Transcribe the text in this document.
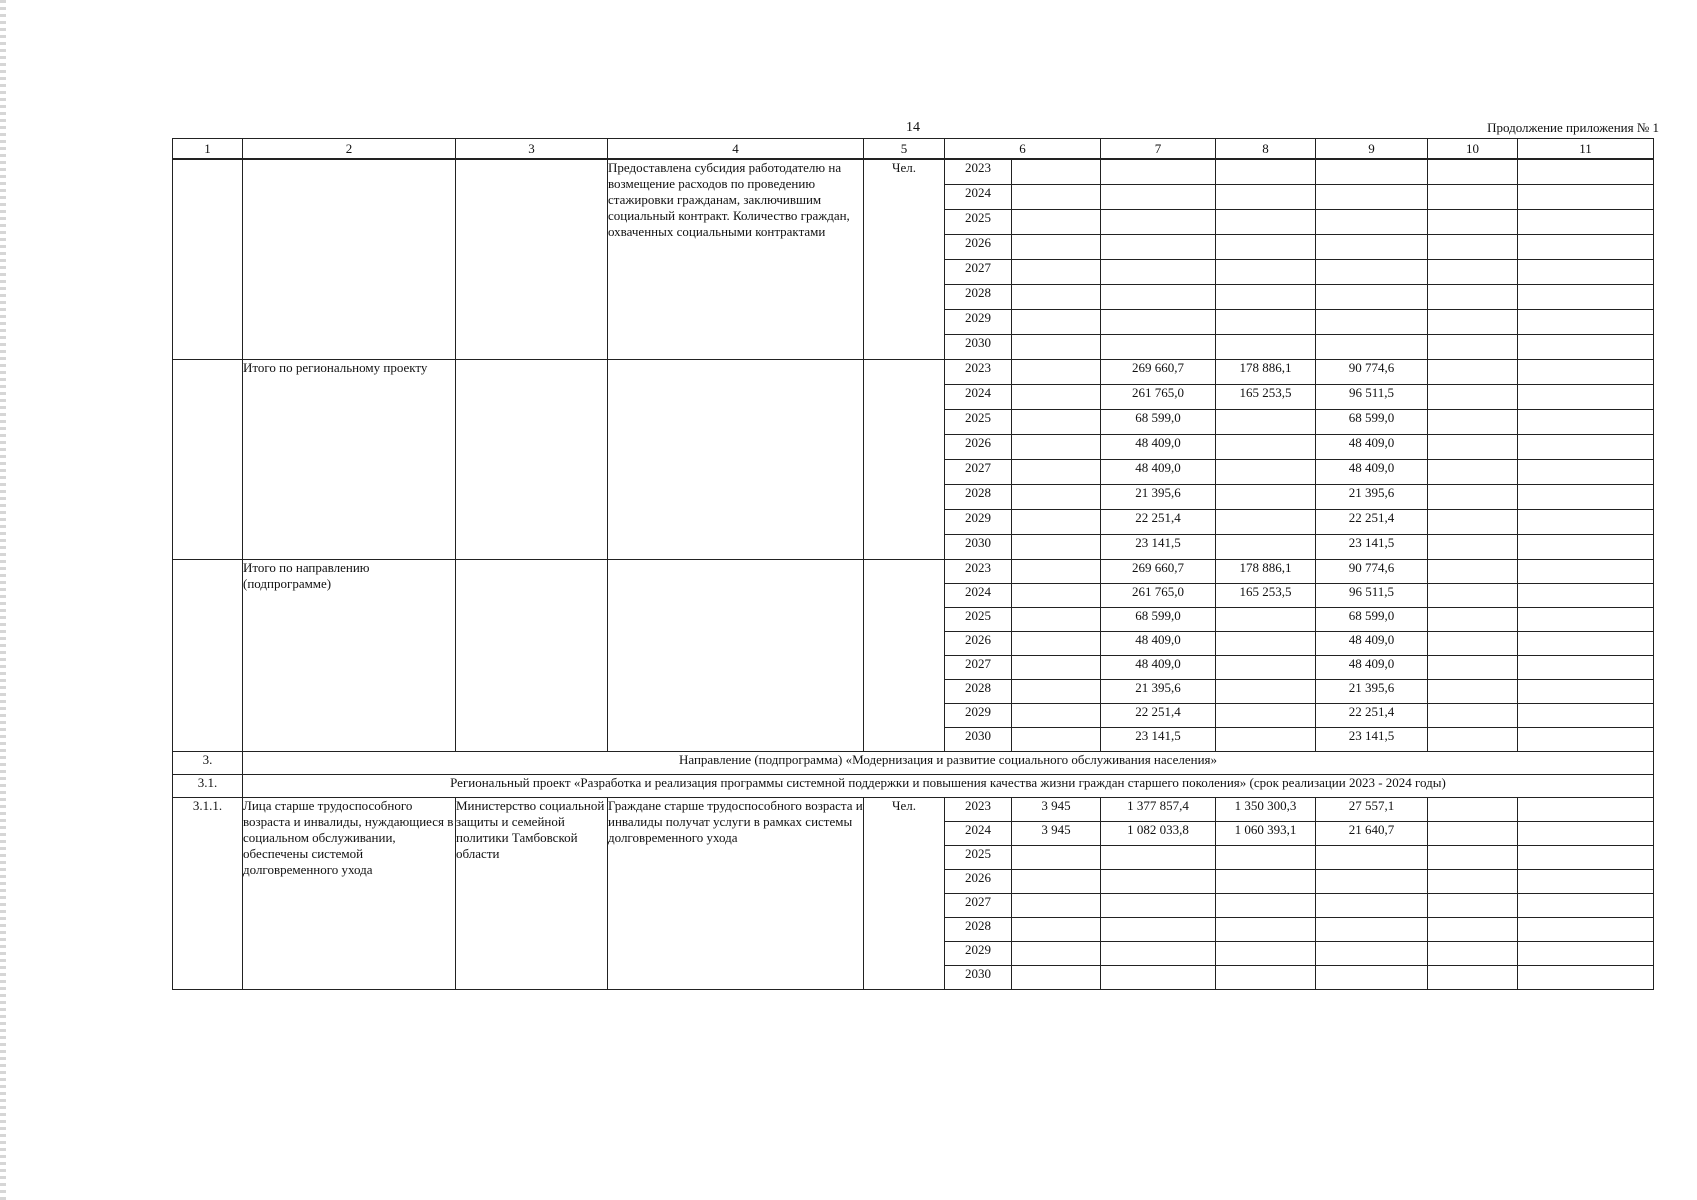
14	Продолжение приложения № 1
1	2	3	4	5	6		7	8	9	10	11
			Предоставлена субсидия работодателю на возмещение расходов по проведению стажировки гражданам, заключившим социальный контракт. Количество граждан, охваченных социальными контрактами	Чел.	2023						
					2024						
					2025						
					2026						
					2027						
					2028						
					2029						
					2030						
	Итого по региональному проекту				2023		269 660,7	178 886,1	90 774,6		
					2024		261 765,0	165 253,5	96 511,5		
					2025		68 599,0		68 599,0		
					2026		48 409,0		48 409,0		
					2027		48 409,0		48 409,0		
					2028		21 395,6		21 395,6		
					2029		22 251,4		22 251,4		
					2030		23 141,5		23 141,5		
	Итого по направлению (подпрограмме)				2023		269 660,7	178 886,1	90 774,6		
					2024		261 765,0	165 253,5	96 511,5		
					2025		68 599,0		68 599,0		
					2026		48 409,0		48 409,0		
					2027		48 409,0		48 409,0		
					2028		21 395,6		21 395,6		
					2029		22 251,4		22 251,4		
					2030		23 141,5		23 141,5		
3.	Направление (подпрограмма) «Модернизация и развитие социального обслуживания населения»										
3.1.	Региональный проект «Разработка и реализация программы системной поддержки и повышения качества жизни граждан старшего поколения» (срок реализации 2023 - 2024 годы)										
3.1.1.	Лица старше трудоспособного возраста и инвалиды, нуждающиеся в социальном обслуживании, обеспечены системой долговременного ухода	Министерство социальной защиты и семейной политики Тамбовской области	Граждане старше трудоспособного возраста и инвалиды получат услуги в рамках системы долговременного ухода	Чел.	2023	3 945	1 377 857,4	1 350 300,3	27 557,1		
					2024	3 945	1 082 033,8	1 060 393,1	21 640,7		
					2025						
					2026						
					2027						
					2028						
					2029						
					2030						
